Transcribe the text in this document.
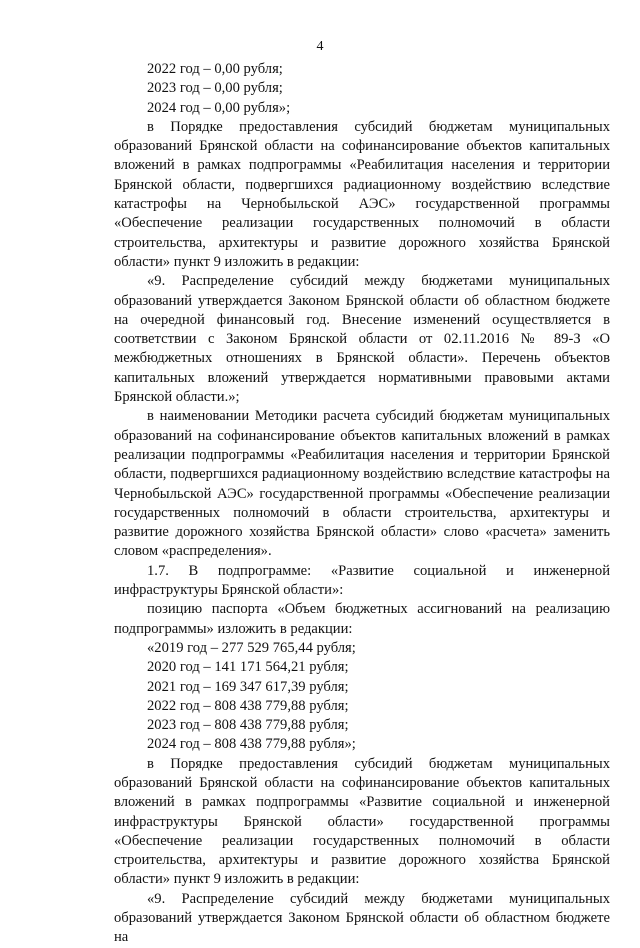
4

2022 год – 0,00 рубля;

2023 год – 0,00 рубля;

2024 год – 0,00 рубля»;

в Порядке предоставления субсидий бюджетам муниципальных образований Брянской области на софинансирование объектов капитальных вложений в рамках подпрограммы «Реабилитация населения и территории Брянской области, подвергшихся радиационному воздействию вследствие катастрофы на Чернобыльской АЭС» государственной программы «Обеспечение реализации государственных полномочий в области строительства, архитектуры и развитие дорожного хозяйства Брянской области» пункт 9 изложить в редакции:

«9. Распределение субсидий между бюджетами муниципальных образований утверждается Законом Брянской области об областном бюджете на очередной финансовый год. Внесение изменений осуществляется в соответствии с Законом Брянской области от 02.11.2016 № 89-З «О межбюджетных отношениях в Брянской области». Перечень объектов капитальных вложений утверждается нормативными правовыми актами Брянской области.»;

в наименовании Методики расчета субсидий бюджетам муниципальных образований на софинансирование объектов капитальных вложений в рамках реализации подпрограммы «Реабилитация населения и территории Брянской области, подвергшихся радиационному воздействию вследствие катастрофы на Чернобыльской АЭС» государственной программы «Обеспечение реализации государственных полномочий в области строительства, архитектуры и развитие дорожного хозяйства Брянской области» слово «расчета» заменить словом «распределения».

1.7. В подпрограмме: «Развитие социальной и инженерной инфраструктуры Брянской области»:

позицию паспорта «Объем бюджетных ассигнований на реализацию подпрограммы» изложить в редакции:

«2019 год – 277 529 765,44 рубля;

2020 год – 141 171 564,21 рубля;

2021 год – 169 347 617,39 рубля;

2022 год – 808 438 779,88 рубля;

2023 год – 808 438 779,88 рубля;

2024 год – 808 438 779,88 рубля»;

в Порядке предоставления субсидий бюджетам муниципальных образований Брянской области на софинансирование объектов капитальных вложений в рамках подпрограммы «Развитие социальной и инженерной инфраструктуры Брянской области» государственной программы «Обеспечение реализации государственных полномочий в области строительства, архитектуры и развитие дорожного хозяйства Брянской области» пункт 9 изложить в редакции:

«9. Распределение субсидий между бюджетами муниципальных образований утверждается Законом Брянской области об областном бюджете на
